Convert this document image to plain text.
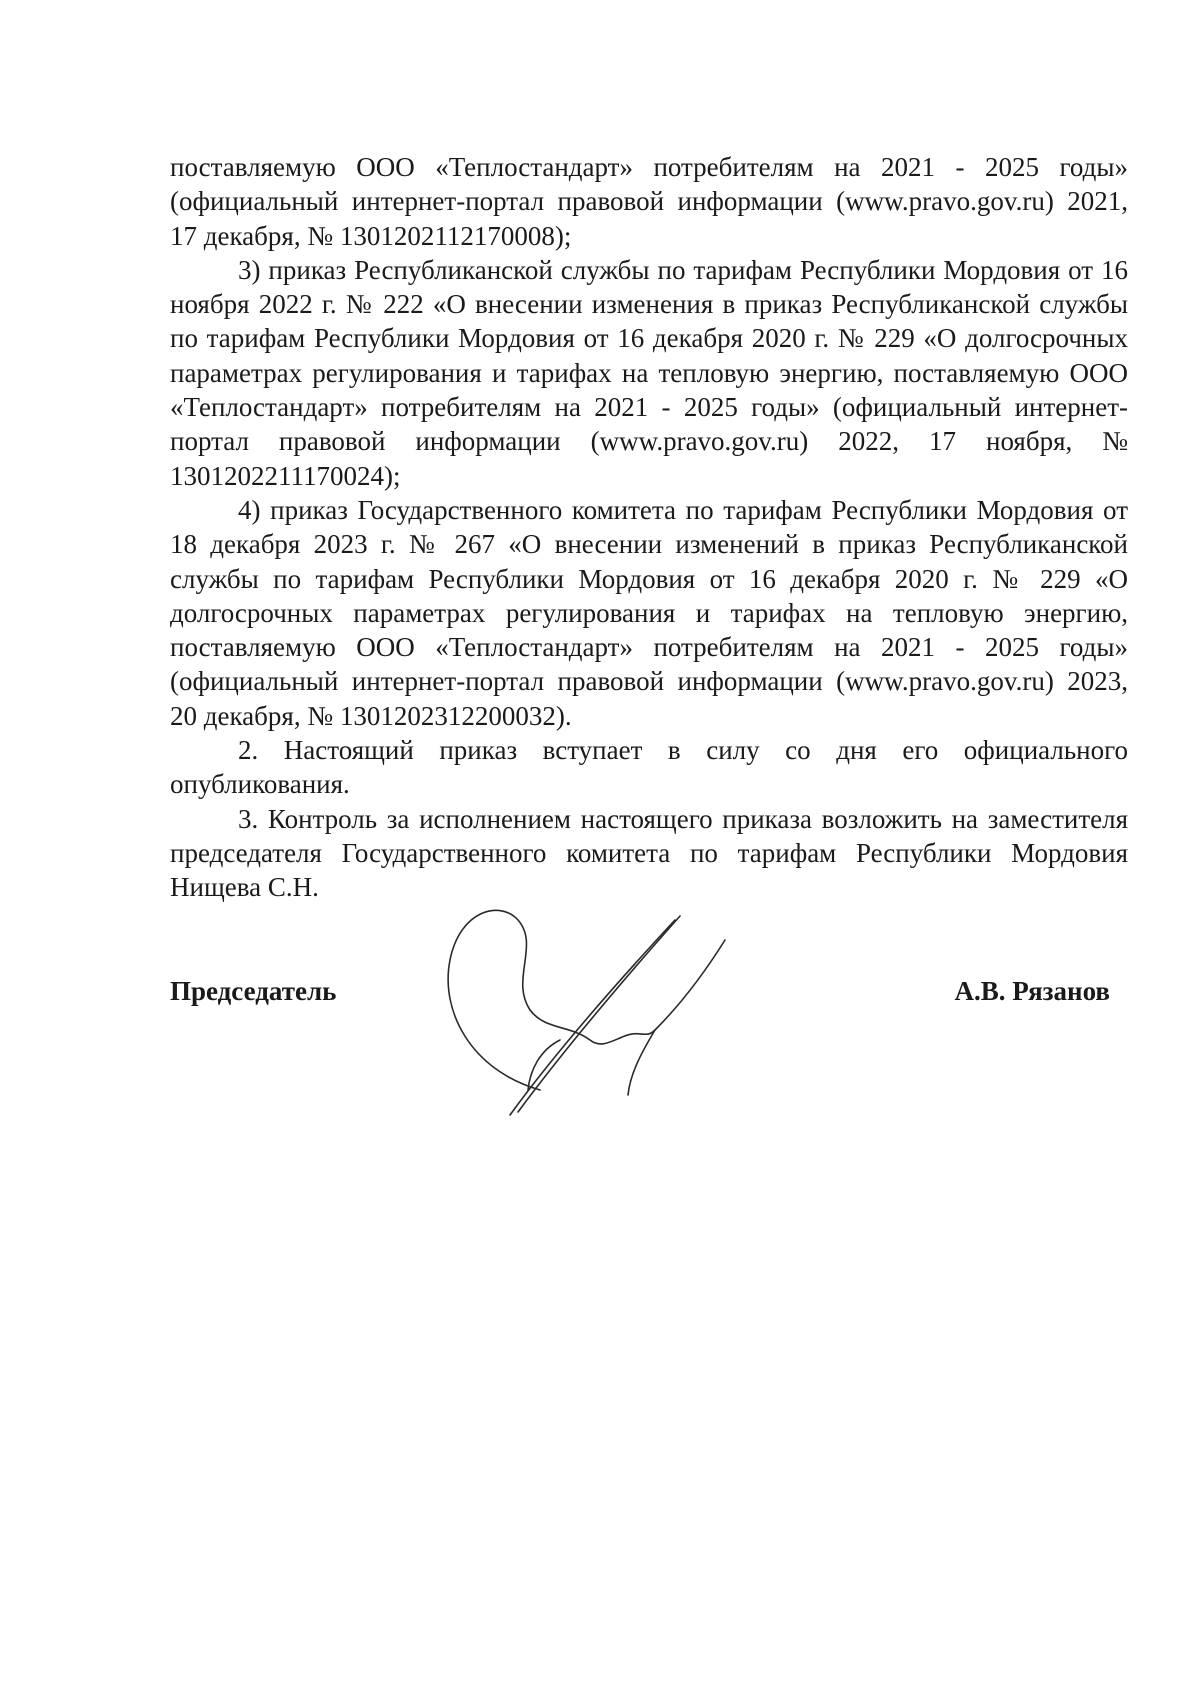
поставляемую ООО «Теплостандарт» потребителям на 2021 - 2025 годы» (официальный интернет-портал правовой информации (www.pravo.gov.ru) 2021, 17 декабря, № 1301202112170008);

3) приказ Республиканской службы по тарифам Республики Мордовия от 16 ноября 2022 г. № 222 «О внесении изменения в приказ Республиканской службы по тарифам Республики Мордовия от 16 декабря 2020 г. № 229 «О долгосрочных параметрах регулирования и тарифах на тепловую энергию, поставляемую ООО «Теплостандарт» потребителям на 2021 - 2025 годы» (официальный интернет-портал правовой информации (www.pravo.gov.ru) 2022, 17 ноября, № 1301202211170024);

4) приказ Государственного комитета по тарифам Республики Мордовия от 18 декабря 2023 г. № 267 «О внесении изменений в приказ Республиканской службы по тарифам Республики Мордовия от 16 декабря 2020 г. № 229 «О долгосрочных параметрах регулирования и тарифах на тепловую энергию, поставляемую ООО «Теплостандарт» потребителям на 2021 - 2025 годы» (официальный интернет-портал правовой информации (www.pravo.gov.ru) 2023, 20 декабря, № 1301202312200032).

2. Настоящий приказ вступает в силу со дня его официального опубликования.

3. Контроль за исполнением настоящего приказа возложить на заместителя председателя Государственного комитета по тарифам Республики Мордовия Нищева С.Н.

Председатель	А.В. Рязанов
